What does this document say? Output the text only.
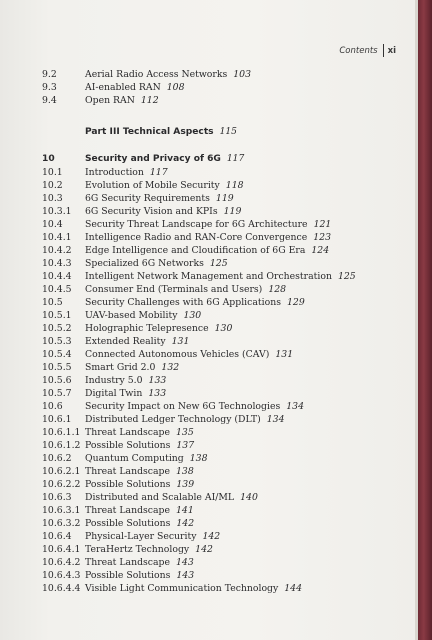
Contents xi
9.2	Aerial Radio Access Networks 103
9.3	AI-enabled RAN 108
9.4	Open RAN 112
Part III Technical Aspects 115
10	Security and Privacy of 6G 117
10.1	Introduction 117
10.2	Evolution of Mobile Security 118
10.3	6G Security Requirements 119
10.3.1	6G Security Vision and KPIs 119
10.4	Security Threat Landscape for 6G Architecture 121
10.4.1	Intelligence Radio and RAN-Core Convergence 123
10.4.2	Edge Intelligence and Cloudification of 6G Era 124
10.4.3	Specialized 6G Networks 125
10.4.4	Intelligent Network Management and Orchestration 125
10.4.5	Consumer End (Terminals and Users) 128
10.5	Security Challenges with 6G Applications 129
10.5.1	UAV-based Mobility 130
10.5.2	Holographic Telepresence 130
10.5.3	Extended Reality 131
10.5.4	Connected Autonomous Vehicles (CAV) 131
10.5.5	Smart Grid 2.0 132
10.5.6	Industry 5.0 133
10.5.7	Digital Twin 133
10.6	Security Impact on New 6G Technologies 134
10.6.1	Distributed Ledger Technology (DLT) 134
10.6.1.1 Threat Landscape 135
10.6.1.2 Possible Solutions 137
10.6.2	Quantum Computing 138
10.6.2.1 Threat Landscape 138
10.6.2.2 Possible Solutions 139
10.6.3	Distributed and Scalable AI/ML 140
10.6.3.1 Threat Landscape 141
10.6.3.2 Possible Solutions 142
10.6.4	Physical-Layer Security 142
10.6.4.1 TeraHertz Technology 142
10.6.4.2 Threat Landscape 143
10.6.4.3 Possible Solutions 143
10.6.4.4 Visible Light Communication Technology 144
